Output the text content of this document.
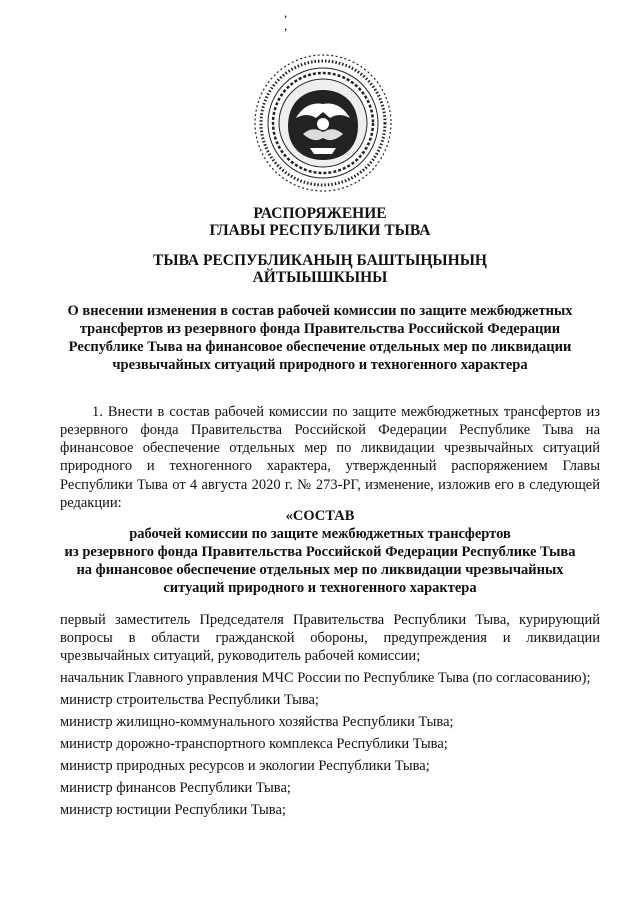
,
,
РАСПОРЯЖЕНИЕ
ГЛАВЫ РЕСПУБЛИКИ ТЫВА
ТЫВА РЕСПУБЛИКАНЫҢ БАШТЫҢЫНЫҢ
АЙТЫЫШКЫНЫ
О внесении изменения в состав рабочей комиссии по защите межбюджетных
трансфертов из резервного фонда Правительства Российской Федерации
Республике Тыва на финансовое обеспечение отдельных мер по ликвидации
чрезвычайных ситуаций природного и техногенного характера

1. Внести в состав рабочей комиссии по защите межбюджетных трансфертов из резервного фонда Правительства Российской Федерации Республике Тыва на финансовое обеспечение отдельных мер по ликвидации чрезвычайных ситуаций природного и техногенного характера, утвержденный распоряжением Главы Республики Тыва от 4 августа 2020 г. № 273-РГ, изменение, изложив его в следующей редакции:

«СОСТАВ
рабочей комиссии по защите межбюджетных трансфертов
из резервного фонда Правительства Российской Федерации Республике Тыва
на финансовое обеспечение отдельных мер по ликвидации чрезвычайных
ситуаций природного и техногенного характера
первый заместитель Председателя Правительства Республики Тыва, курирующий вопросы в области гражданской обороны, предупреждения и ликвидации чрезвычайных ситуаций, руководитель рабочей комиссии;
начальник Главного управления МЧС России по Республике Тыва (по согласованию);
министр строительства Республики Тыва;
министр жилищно-коммунального хозяйства Республики Тыва;
министр дорожно-транспортного комплекса Республики Тыва;
министр природных ресурсов и экологии Республики Тыва;
министр финансов Республики Тыва;
министр юстиции Республики Тыва;
